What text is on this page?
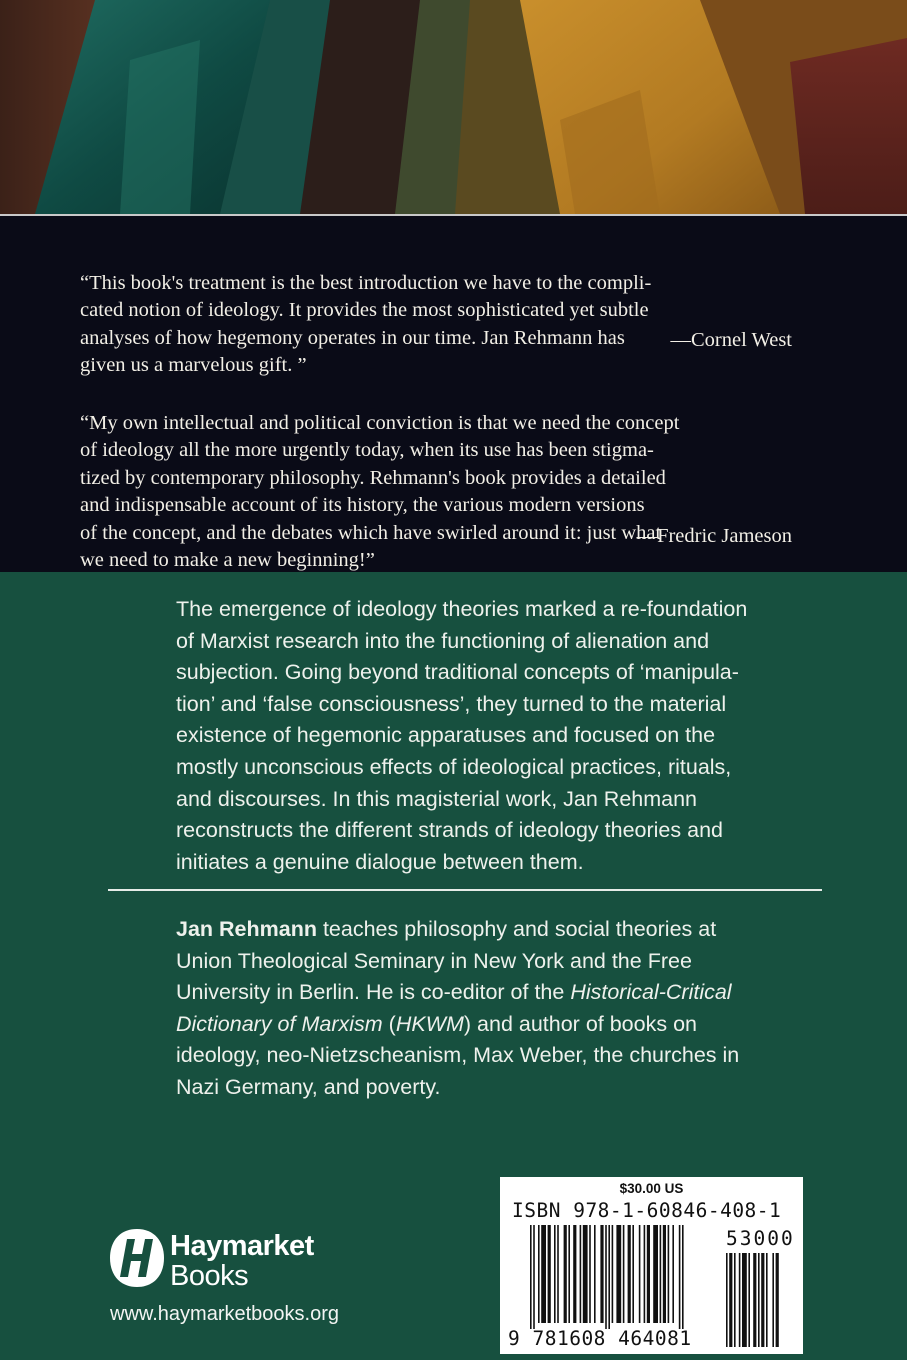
“This book's treatment is the best introduction we have to the compli-
cated notion of ideology. It provides the most sophisticated yet subtle
analyses of how hegemony operates in our time. Jan Rehmann has
given us a marvelous gift. ”

—Cornel West

“My own intellectual and political conviction is that we need the concept
of ideology all the more urgently today, when its use has been stigma-
tized by contemporary philosophy. Rehmann's book provides a detailed
and indispensable account of its history, the various modern versions
of the concept, and the debates which have swirled around it: just what
we need to make a new beginning!”

—Fredric Jameson

The emergence of ideology theories marked a re-foundation
of Marxist research into the functioning of alienation and
subjection. Going beyond traditional concepts of ‘manipula-
tion’ and ‘false consciousness’, they turned to the material
existence of hegemonic apparatuses and focused on the
mostly unconscious effects of ideological practices, rituals,
and discourses. In this magisterial work, Jan Rehmann
reconstructs the different strands of ideology theories and
initiates a genuine dialogue between them.
Jan Rehmann teaches philosophy and social theories at
Union Theological Seminary in New York and the Free
University in Berlin. He is co-editor of the Historical-Critical
Dictionary of Marxism (HKWM) and author of books on
ideology, neo-Nietzscheanism, Max Weber, the churches in
Nazi Germany, and poverty.
Haymarket
Books
www.haymarketbooks.org
$30.00 US
ISBN 978-1-60846-408-1
53000
9 781608 464081
